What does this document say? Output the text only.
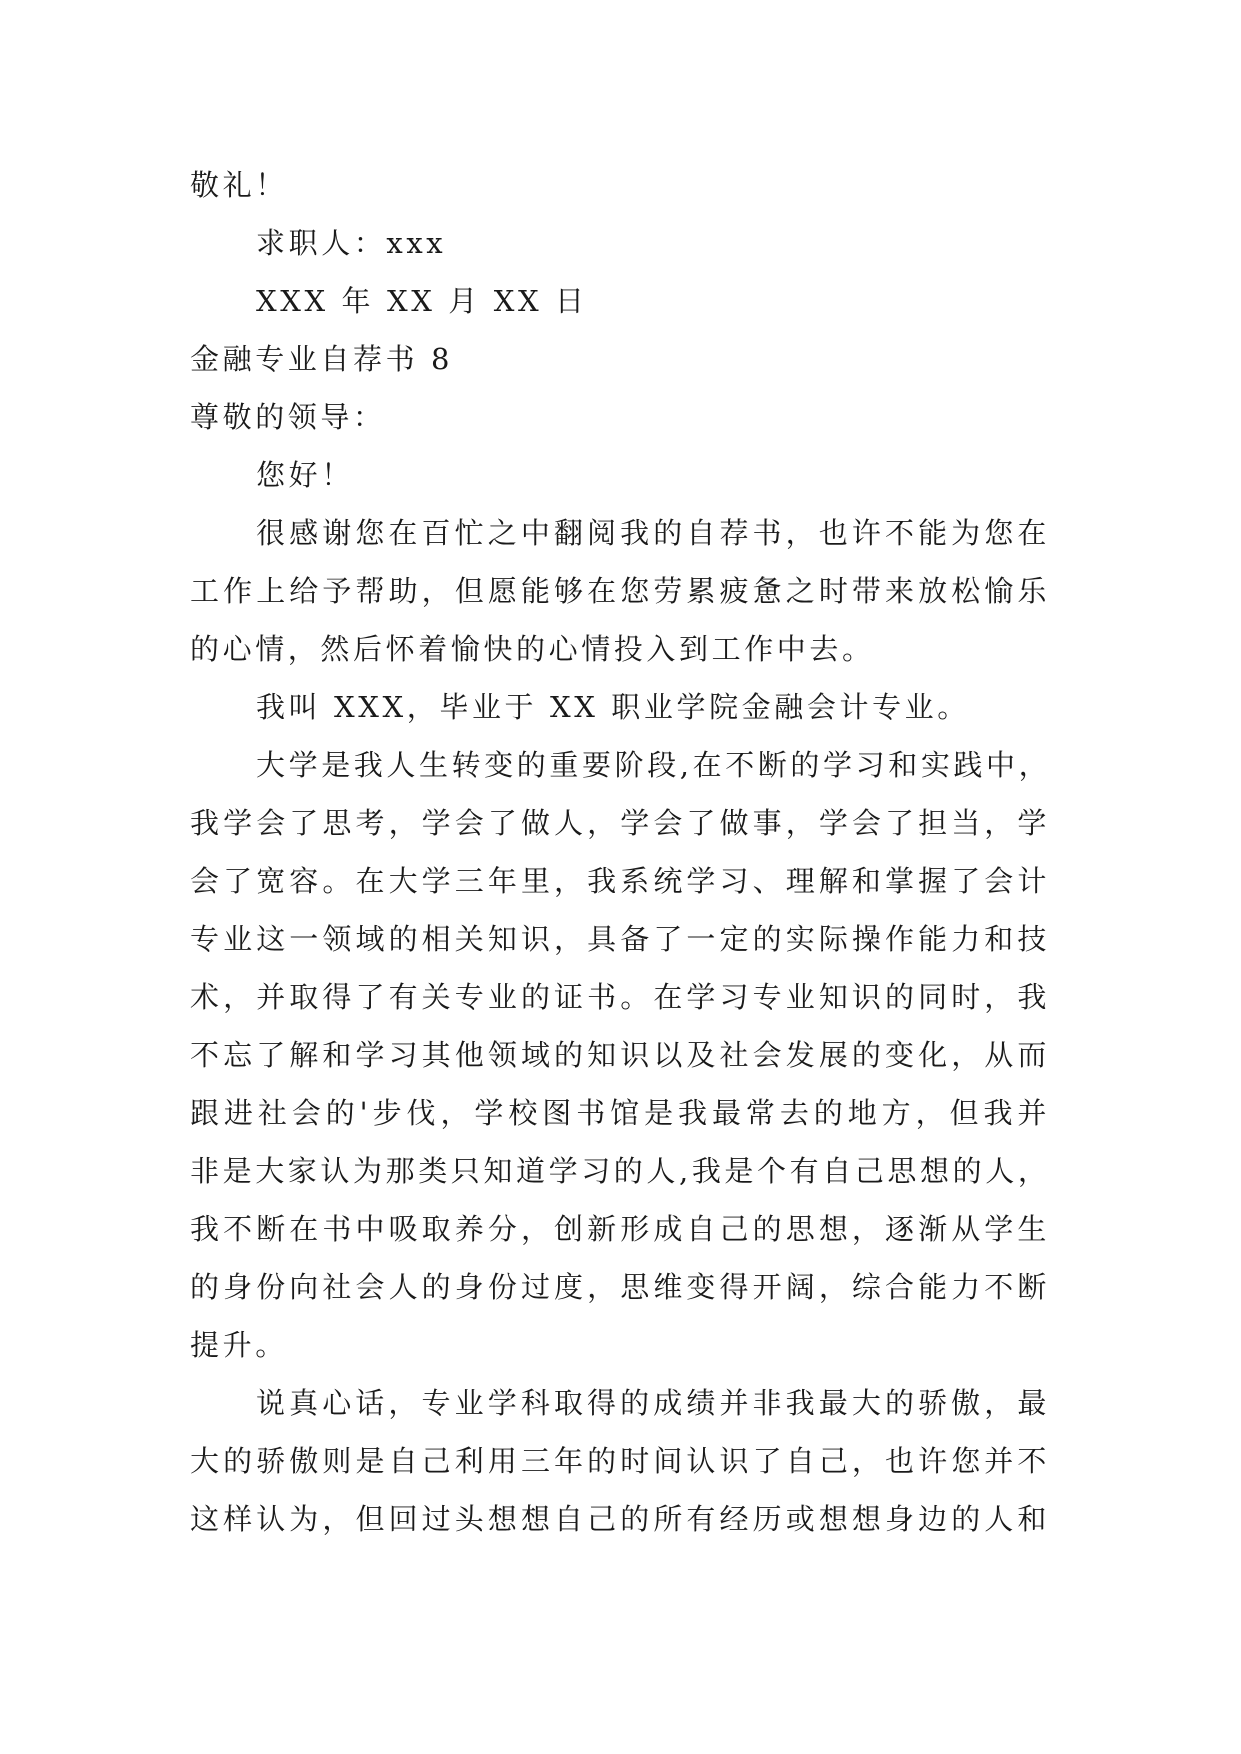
敬礼！
求职人：xxx
XXX 年 XX 月 XX 日
金融专业自荐书 8
尊敬的领导：
您好！
很感谢您在百忙之中翻阅我的自荐书，也许不能为您在
工作上给予帮助，但愿能够在您劳累疲惫之时带来放松愉乐
的心情，然后怀着愉快的心情投入到工作中去。
我叫 XXX，毕业于 XX 职业学院金融会计专业。
大学是我人生转变的重要阶段,在不断的学习和实践中，
我学会了思考，学会了做人，学会了做事，学会了担当，学
会了宽容。在大学三年里，我系统学习、理解和掌握了会计
专业这一领域的相关知识，具备了一定的实际操作能力和技
术，并取得了有关专业的证书。在学习专业知识的同时，我
不忘了解和学习其他领域的知识以及社会发展的变化，从而
跟进社会的'步伐，学校图书馆是我最常去的地方，但我并
非是大家认为那类只知道学习的人,我是个有自己思想的人，
我不断在书中吸取养分，创新形成自己的思想，逐渐从学生
的身份向社会人的身份过度，思维变得开阔，综合能力不断
提升。
说真心话，专业学科取得的成绩并非我最大的骄傲，最
大的骄傲则是自己利用三年的时间认识了自己，也许您并不
这样认为，但回过头想想自己的所有经历或想想身边的人和
